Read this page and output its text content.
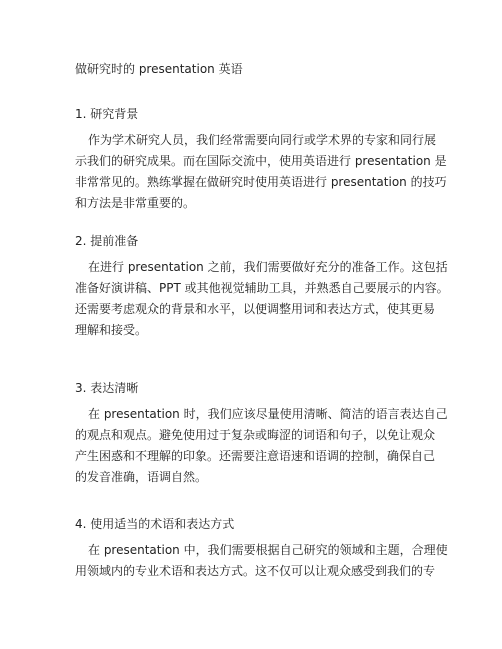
做研究时的 presentation 英语
1. 研究背景
作为学术研究人员，我们经常需要向同行或学术界的专家和同行展
示我们的研究成果。而在国际交流中，使用英语进行 presentation 是
非常常见的。熟练掌握在做研究时使用英语进行 presentation 的技巧
和方法是非常重要的。
2. 提前准备
在进行 presentation 之前，我们需要做好充分的准备工作。这包括
准备好演讲稿、PPT 或其他视觉辅助工具，并熟悉自己要展示的内容。
还需要考虑观众的背景和水平，以便调整用词和表达方式，使其更易
理解和接受。
3. 表达清晰
在 presentation 时，我们应该尽量使用清晰、简洁的语言表达自己
的观点和观点。避免使用过于复杂或晦涩的词语和句子，以免让观众
产生困惑和不理解的印象。还需要注意语速和语调的控制，确保自己
的发音准确，语调自然。
4. 使用适当的术语和表达方式
在 presentation 中，我们需要根据自己研究的领域和主题，合理使
用领域内的专业术语和表达方式。这不仅可以让观众感受到我们的专
